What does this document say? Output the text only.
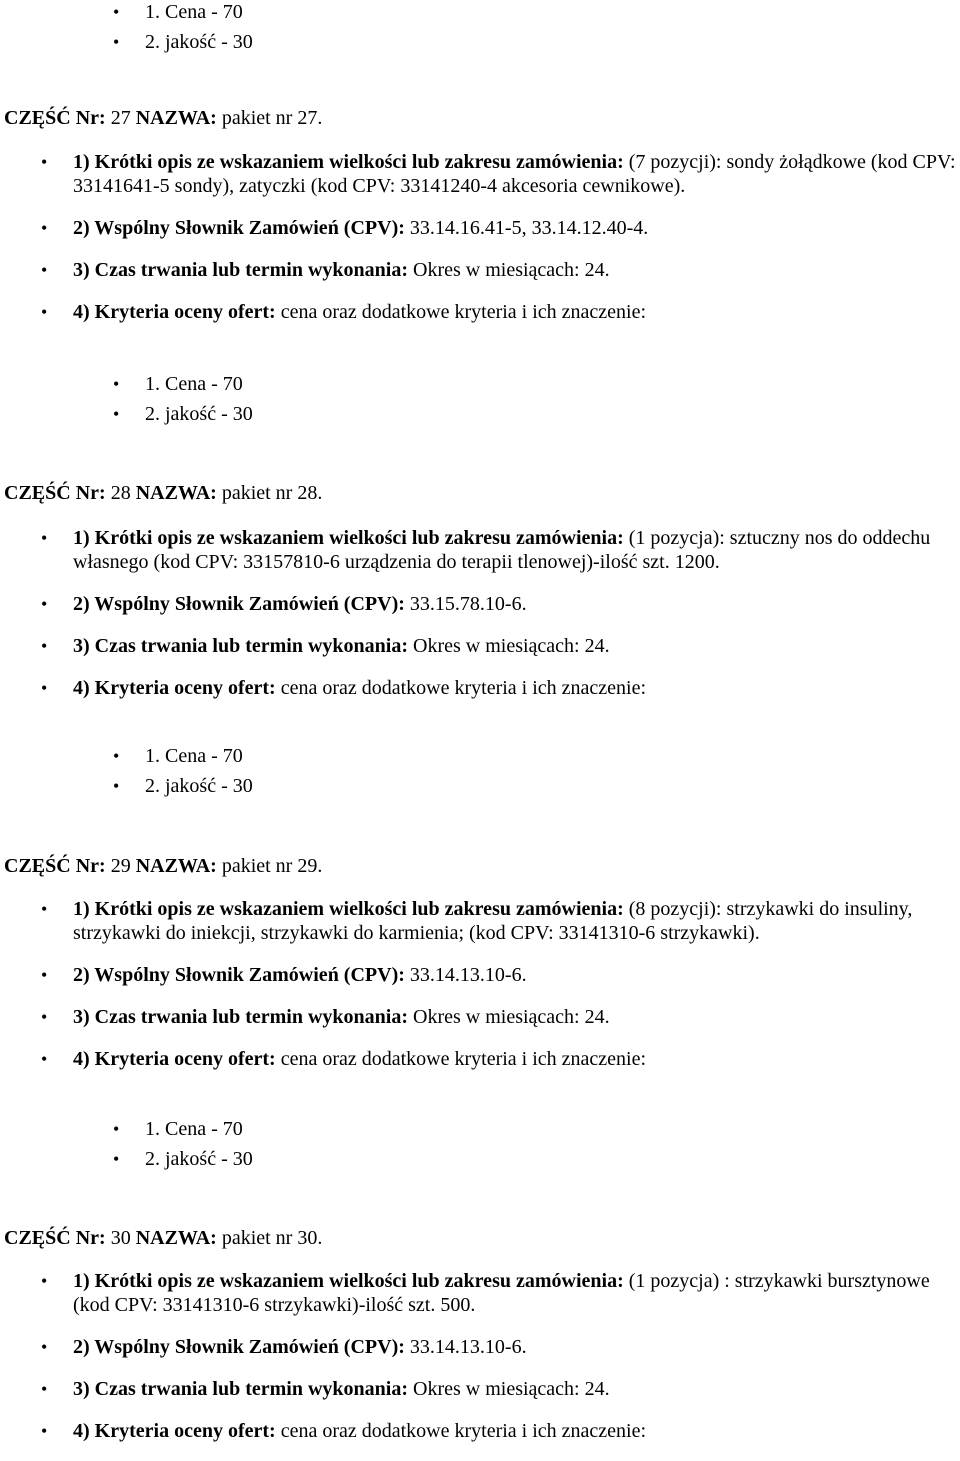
• 1. Cena - 70
• 2. jakość - 30
CZĘŚĆ Nr: 27 NAZWA: pakiet nr 27.
• 1) Krótki opis ze wskazaniem wielkości lub zakresu zamówienia: (7 pozycji): sondy żołądkowe (kod CPV: 33141641-5 sondy), zatyczki (kod CPV: 33141240-4 akcesoria cewnikowe).
• 2) Wspólny Słownik Zamówień (CPV): 33.14.16.41-5, 33.14.12.40-4.
• 3) Czas trwania lub termin wykonania: Okres w miesiącach: 24.
• 4) Kryteria oceny ofert: cena oraz dodatkowe kryteria i ich znaczenie:
• 1. Cena - 70
• 2. jakość - 30
CZĘŚĆ Nr: 28 NAZWA: pakiet nr 28.
• 1) Krótki opis ze wskazaniem wielkości lub zakresu zamówienia: (1 pozycja): sztuczny nos do oddechu własnego (kod CPV: 33157810-6 urządzenia do terapii tlenowej)-ilość szt. 1200.
• 2) Wspólny Słownik Zamówień (CPV): 33.15.78.10-6.
• 3) Czas trwania lub termin wykonania: Okres w miesiącach: 24.
• 4) Kryteria oceny ofert: cena oraz dodatkowe kryteria i ich znaczenie:
• 1. Cena - 70
• 2. jakość - 30
CZĘŚĆ Nr: 29 NAZWA: pakiet nr 29.
• 1) Krótki opis ze wskazaniem wielkości lub zakresu zamówienia: (8 pozycji): strzykawki do insuliny, strzykawki do iniekcji, strzykawki do karmienia; (kod CPV: 33141310-6 strzykawki).
• 2) Wspólny Słownik Zamówień (CPV): 33.14.13.10-6.
• 3) Czas trwania lub termin wykonania: Okres w miesiącach: 24.
• 4) Kryteria oceny ofert: cena oraz dodatkowe kryteria i ich znaczenie:
• 1. Cena - 70
• 2. jakość - 30
CZĘŚĆ Nr: 30 NAZWA: pakiet nr 30.
• 1) Krótki opis ze wskazaniem wielkości lub zakresu zamówienia: (1 pozycja) : strzykawki bursztynowe (kod CPV: 33141310-6 strzykawki)-ilość szt. 500.
• 2) Wspólny Słownik Zamówień (CPV): 33.14.13.10-6.
• 3) Czas trwania lub termin wykonania: Okres w miesiącach: 24.
• 4) Kryteria oceny ofert: cena oraz dodatkowe kryteria i ich znaczenie:
